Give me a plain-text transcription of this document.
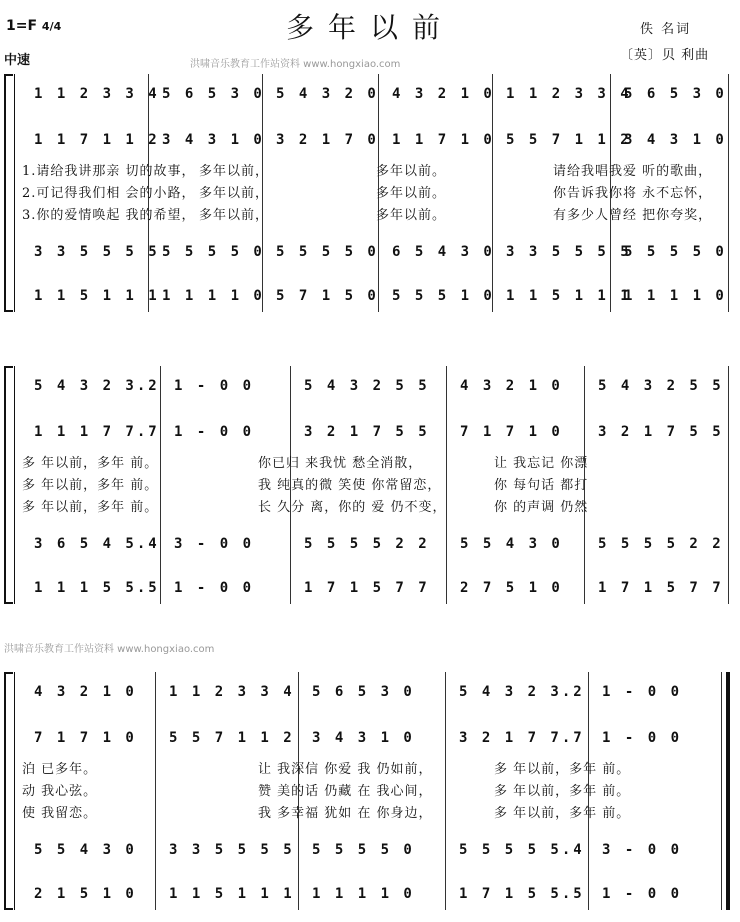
多年以前
1=F 4/4
中速
佚 名词
〔英〕贝 利曲
洪啸音乐教育工作站资料 www.hongxiao.com
洪啸音乐教育工作站资料 www.hongxiao.com
1 1 2 3 3 4 5 6 5 3 0 5 4 3 2 0 4 3 2 1 0 1 1 2 3 3 4
5 6 5 3 0
1 1 7 1 1 2 3 4 3 1 0 3 2 1 7 0 1 1 7 1 0 5 5 7 1 1 2
3 4 3 1 0
3 3 5 5 5 5 5 5 5 5 0 5 5 5 5 0 6 5 4 3 0 3 3 5 5 5 5
5 5 5 5 0
1 1 5 1 1 1 1 1 1 1 0 5 7 1 5 0 5 5 5 1 0 1 1 5 1 1 1
1 1 1 1 0
1.请给我讲那亲 切的故事， 多年以前，	多年以前。	请给我唱我爱 听的歌曲，
2.可记得我们相 会的小路， 多年以前，	多年以前。	你告诉我你将 永不忘怀，
3.你的爱情唤起 我的希望， 多年以前，	多年以前。	有多少人曾经 把你夸奖，
5 4 3 2 3.2 1 - 0 0	5 4 3 2 5 5 4 3 2 1 0	5 4 3 2 5 5
1 1 1 7 7.7 1 - 0 0	3 2 1 7 5 5 7 1 7 1 0	3 2 1 7 5 5
3 6 5 4 5.4 3 - 0 0	5 5 5 5 2 2 5 5 4 3 0	5 5 5 5 2 2
1 1 1 5 5.5 1 - 0 0	1 7 1 5 7 7 2 7 5 1 0	1 7 1 5 7 7
多 年以前，多年 前。	你已归 来我忧 愁全消散，	让 我忘记 你漂
多 年以前，多年 前。	我 纯真的微 笑使 你常留恋，	你 每句话 都打
多 年以前，多年 前。	长 久分 离，你的 爱 仍不变，	你 的声调 仍然
4 3 2 1 0 1 1 2 3 3 4 5 6 5 3 0	5 4 3 2 3.2 1 - 0 0
7 1 7 1 0 5 5 7 1 1 2 3 4 3 1 0	3 2 1 7 7.7 1 - 0 0
5 5 4 3 0 3 3 5 5 5 5 5 5 5 5 0	5 5 5 5 5.4 3 - 0 0
2 1 5 1 0 1 1 5 1 1 1 1 1 1 1 0	1 7 1 5 5.5 1 - 0 0
泊 已多年。	让 我深信 你爱 我 仍如前，	多 年以前，多年 前。
动 我心弦。	赞 美的话 仍藏 在 我心间，	多 年以前，多年 前。
使 我留恋。	我 多幸福 犹如 在 你身边，	多 年以前，多年 前。
